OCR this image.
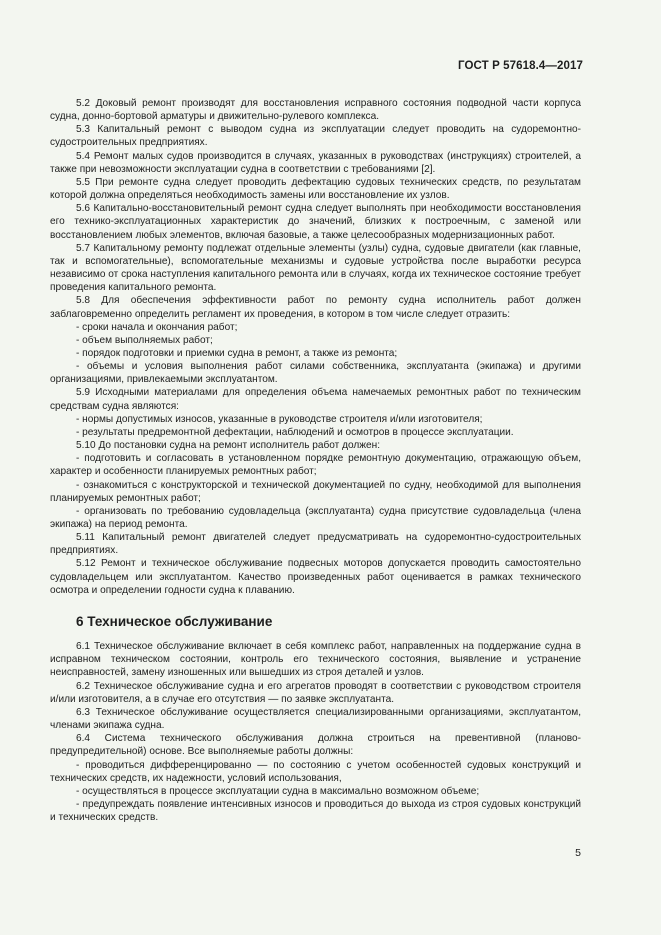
ГОСТ Р 57618.4—2017

5.2 Доковый ремонт производят для восстановления исправного состояния подводной части корпуса судна, донно-бортовой арматуры и движительно-рулевого комплекса.

5.3 Капитальный ремонт с выводом судна из эксплуатации следует проводить на судоремонтно-судостроительных предприятиях.

5.4 Ремонт малых судов производится в случаях, указанных в руководствах (инструкциях) строителей, а также при невозможности эксплуатации судна в соответствии с требованиями [2].

5.5 При ремонте судна следует проводить дефектацию судовых технических средств, по результатам которой должна определяться необходимость замены или восстановление их узлов.

5.6 Капитально-восстановительный ремонт судна следует выполнять при необходимости восстановления его технико-эксплуатационных характеристик до значений, близких к построечным, с заменой или восстановлением любых элементов, включая базовые, а также целесообразных модернизационных работ.

5.7 Капитальному ремонту подлежат отдельные элементы (узлы) судна, судовые двигатели (как главные, так и вспомогательные), вспомогательные механизмы и судовые устройства после выработки ресурса независимо от срока наступления капитального ремонта или в случаях, когда их техническое состояние требует проведения капитального ремонта.

5.8 Для обеспечения эффективности работ по ремонту судна исполнитель работ должен заблаговременно определить регламент их проведения, в котором в том числе следует отразить:

- сроки начала и окончания работ;

- объем выполняемых работ;

- порядок подготовки и приемки судна в ремонт, а также из ремонта;

- объемы и условия выполнения работ силами собственника, эксплуатанта (экипажа) и другими организациями, привлекаемыми эксплуатантом.

5.9 Исходными материалами для определения объема намечаемых ремонтных работ по техническим средствам судна являются:

- нормы допустимых износов, указанные в руководстве строителя и/или изготовителя;

- результаты предремонтной дефектации, наблюдений и осмотров в процессе эксплуатации.

5.10 До постановки судна на ремонт исполнитель работ должен:

- подготовить и согласовать в установленном порядке ремонтную документацию, отражающую объем, характер и особенности планируемых ремонтных работ;

- ознакомиться с конструкторской и технической документацией по судну, необходимой для выполнения планируемых ремонтных работ;

- организовать по требованию судовладельца (эксплуатанта) судна присутствие судовладельца (члена экипажа) на период ремонта.

5.11 Капитальный ремонт двигателей следует предусматривать на судоремонтно-судостроительных предприятиях.

5.12 Ремонт и техническое обслуживание подвесных моторов допускается проводить самостоятельно судовладельцем или эксплуатантом. Качество произведенных работ оценивается в рамках технического осмотра и определении годности судна к плаванию.

6 Техническое обслуживание

6.1 Техническое обслуживание включает в себя комплекс работ, направленных на поддержание судна в исправном техническом состоянии, контроль его технического состояния, выявление и устранение неисправностей, замену изношенных или вышедших из строя деталей и узлов.

6.2 Техническое обслуживание судна и его агрегатов проводят в соответствии с руководством строителя и/или изготовителя, а в случае его отсутствия — по заявке эксплуатанта.

6.3 Техническое обслуживание осуществляется специализированными организациями, эксплуатантом, членами экипажа судна.

6.4 Система технического обслуживания должна строиться на превентивной (планово-предупредительной) основе. Все выполняемые работы должны:

- проводиться дифференцированно — по состоянию с учетом особенностей судовых конструкций и технических средств, их надежности, условий использования,

- осуществляться в процессе эксплуатации судна в максимально возможном объеме;

- предупреждать появление интенсивных износов и проводиться до выхода из строя судовых конструкций и технических средств.

5
